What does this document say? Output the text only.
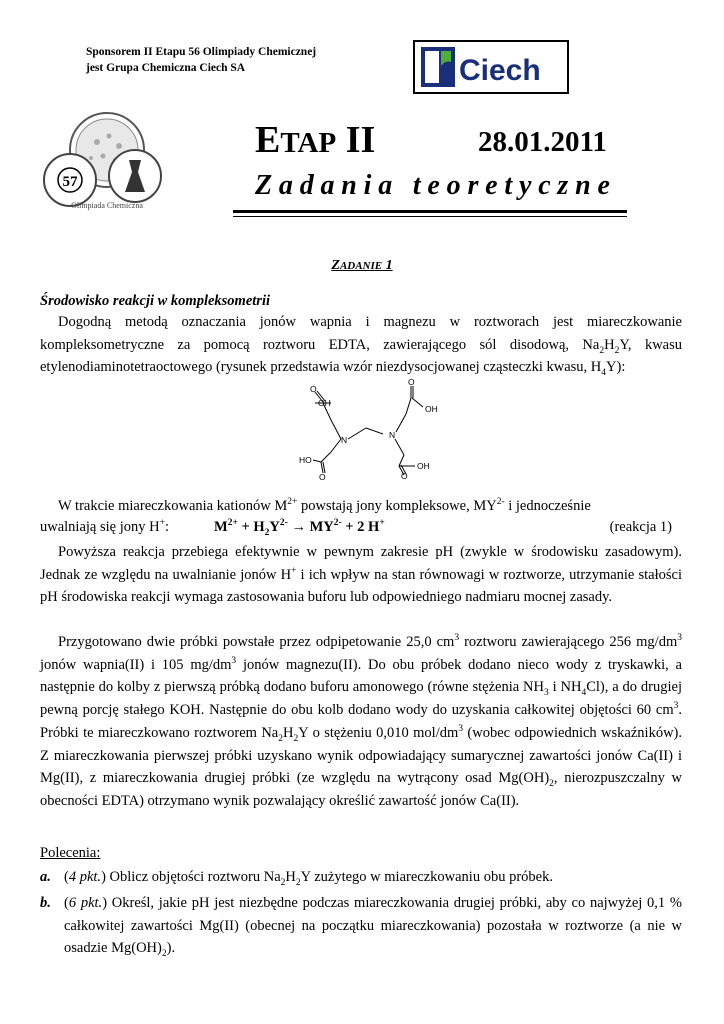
Sponsorem II Etapu 56 Olimpiady Chemicznej
jest Grupa Chemiczna Ciech SA	Ciech
57
Olimpiada Chemiczna
ETAP II	28.01.2011
Zadania teoretyczne
ZADANIE 1
Środowisko reakcji w kompleksometrii
Dogodną metodą oznaczania jonów wapnia i magnezu w roztworach jest miareczkowanie kompleksometryczne za pomocą roztworu EDTA, zawierającego sól disodową, $Na_2H_2Y$, kwasu etylenodiaminotetraoctowego (rysunek przedstawia wzór niezdysocjowanej cząsteczki kwasu, $H_4Y$):
OH
O
N
HO
O
N
O
OH
O
OH
W trakcie miareczkowania kationów $M^{2+}$ powstają jony kompleksowe, $MY^{2-}$ i jednocześnie
uwalniają się jony H+:	$M^{2+} + H_2Y^{2-} \to MY^{2-} + 2$ H+	(reakcja 1)
Powyższa reakcja przebiega efektywnie w pewnym zakresie pH (zwykle w środowisku zasadowym). Jednak ze względu na uwalnianie jonów H+ i ich wpływ na stan równowagi w roztworze, utrzymanie stałości pH środowiska reakcji wymaga zastosowania buforu lub odpowiedniego nadmiaru mocnej zasady.
Przygotowano dwie próbki powstałe przez odpipetowanie 25,0 $cm^3$ roztworu zawierającego 256 $mg/dm^3$ jonów wapnia(II) i 105 $mg/dm^3$ jonów magnezu(II). Do obu próbek dodano nieco wody z tryskawki, a następnie do kolby z pierwszą próbką dodano buforu amonowego (równe stężenia $NH_3$ i $NH_4Cl$), a do drugiej pewną porcję stałego KOH. Następnie do obu kolb dodano wody do uzyskania całkowitej objętości 60 $cm^3$. Próbki te miareczkowano roztworem $Na_2H_2Y$ o stężeniu 0,010 mol/$dm^3$ (wobec odpowiednich wskaźników). Z miareczkowania pierwszej próbki uzyskano wynik odpowiadający sumarycznej zawartości jonów Ca(II) i Mg(II), z miareczkowania drugiej próbki (ze względu na wytrącony osad $Mg(OH)_2$, nierozpuszczalny w obecności EDTA) otrzymano wynik pozwalający określić zawartość jonów Ca(II).
Polecenia:
a. (4 pkt.) Oblicz objętości roztworu $Na_2H_2Y$ zużytego w miareczkowaniu obu próbek.
b. (6 pkt.) Określ, jakie pH jest niezbędne podczas miareczkowania drugiej próbki, aby co najwyżej 0,1 % całkowitej zawartości Mg(II) (obecnej na początku miareczkowania) pozostała w roztworze (a nie w osadzie $Mg(OH)_2$).
